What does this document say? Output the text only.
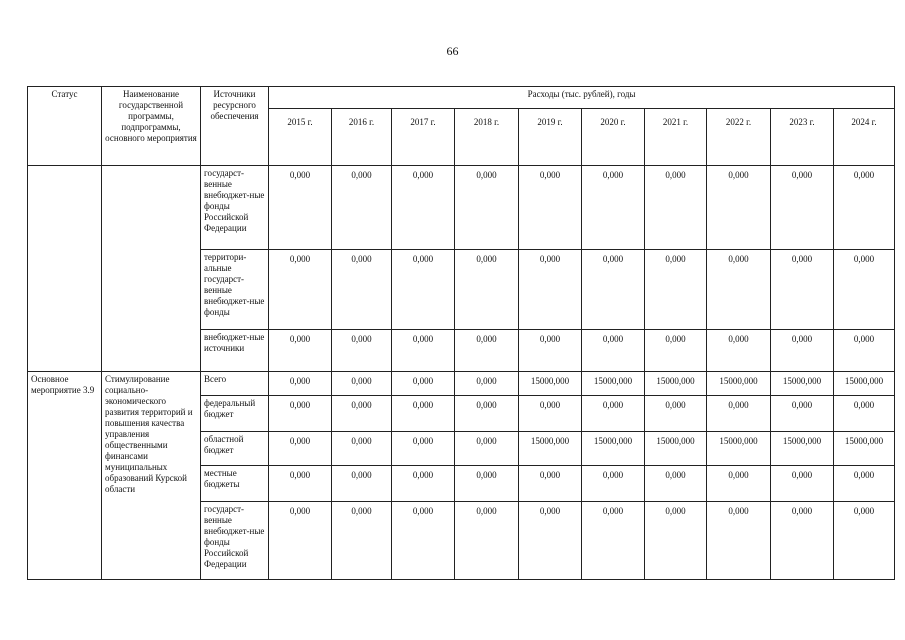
66
Статус	Наименование государственной программы, подпрограммы, основного мероприятия	Источники ресурсного обеспечения	Расходы (тыс. рублей), годы									
			2015 г.	2016 г.	2017 г.	2018 г.	2019 г.	2020 г.	2021 г.	2022 г.	2023 г.	2024 г.
		государст-венные внебюджет-ные фонды Российской Федерации	0,000	0,000	0,000	0,000	0,000	0,000	0,000	0,000	0,000	0,000
		территори-альные государст-венные внебюджет-ные фонды	0,000	0,000	0,000	0,000	0,000	0,000	0,000	0,000	0,000	0,000
		внебюджет-ные источники	0,000	0,000	0,000	0,000	0,000	0,000	0,000	0,000	0,000	0,000
Основное мероприятие 3.9	Стимулирование социально-экономического развития территорий и повышения качества управления общественными финансами муниципальных образований Курской области	Всего	0,000	0,000	0,000	0,000	15000,000	15000,000	15000,000	15000,000	15000,000	15000,000
		федеральный бюджет	0,000	0,000	0,000	0,000	0,000	0,000	0,000	0,000	0,000	0,000
		областной бюджет	0,000	0,000	0,000	0,000	15000,000	15000,000	15000,000	15000,000	15000,000	15000,000
		местные бюджеты	0,000	0,000	0,000	0,000	0,000	0,000	0,000	0,000	0,000	0,000
		государст-венные внебюджет-ные фонды Российской Федерации	0,000	0,000	0,000	0,000	0,000	0,000	0,000	0,000	0,000	0,000
